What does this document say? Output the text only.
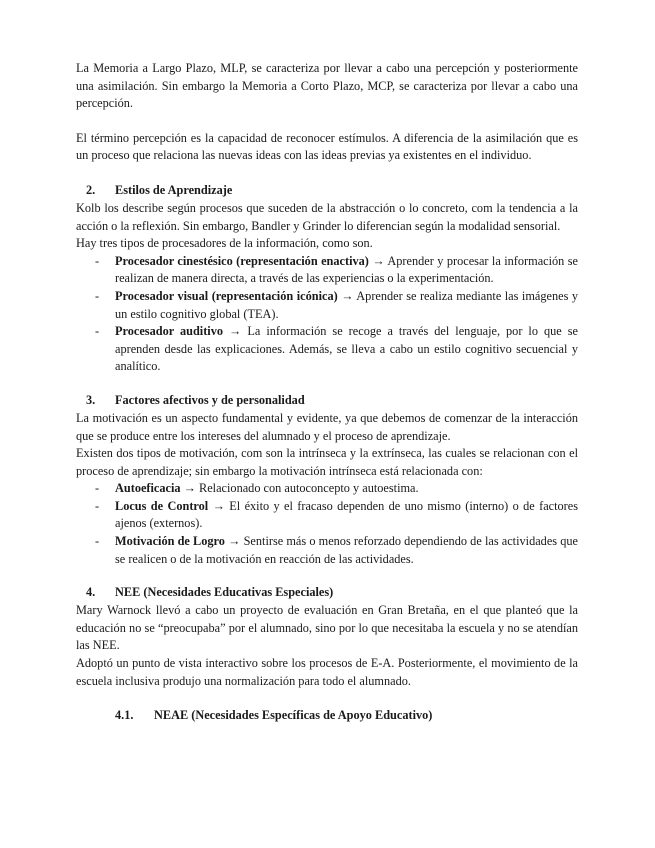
La Memoria a Largo Plazo, MLP, se caracteriza por llevar a cabo una percepción y posteriormente una asimilación. Sin embargo la Memoria a Corto Plazo, MCP, se caracteriza por llevar a cabo una percepción.

El término percepción es la capacidad de reconocer estímulos. A diferencia de la asimilación que es un proceso que relaciona las nuevas ideas con las ideas previas ya existentes en el individuo.

2. Estilos de Aprendizaje

Kolb los describe según procesos que suceden de la abstracción o lo concreto, com la tendencia a la acción o la reflexión. Sin embargo, Bandler y Grinder lo diferencian según la modalidad sensorial.

Hay tres tipos de procesadores de la información, como son.

- Procesador cinestésico (representación enactiva) → Aprender y procesar la información se realizan de manera directa, a través de las experiencias o la experimentación.
- Procesador visual (representación icónica) → Aprender se realiza mediante las imágenes y un estilo cognitivo global (TEA).
- Procesador auditivo → La información se recoge a través del lenguaje, por lo que se aprenden desde las explicaciones. Además, se lleva a cabo un estilo cognitivo secuencial y analítico.
3. Factores afectivos y de personalidad

La motivación es un aspecto fundamental y evidente, ya que debemos de comenzar de la interacción que se produce entre los intereses del alumnado y el proceso de aprendizaje.

Existen dos tipos de motivación, com son la intrínseca y la extrínseca, las cuales se relacionan con el proceso de aprendizaje; sin embargo la motivación intrínseca está relacionada con:

- Autoeficacia → Relacionado con autoconcepto y autoestima.
- Locus de Control → El éxito y el fracaso dependen de uno mismo (interno) o de factores ajenos (externos).
- Motivación de Logro → Sentirse más o menos reforzado dependiendo de las actividades que se realicen o de la motivación en reacción de las actividades.
4. NEE (Necesidades Educativas Especiales)

Mary Warnock llevó a cabo un proyecto de evaluación en Gran Bretaña, en el que planteó que la educación no se “preocupaba” por el alumnado, sino por lo que necesitaba la escuela y no se atendían las NEE.

Adoptó un punto de vista interactivo sobre los procesos de E-A. Posteriormente, el movimiento de la escuela inclusiva produjo una normalización para todo el alumnado.

4.1. NEAE (Necesidades Específicas de Apoyo Educativo)
